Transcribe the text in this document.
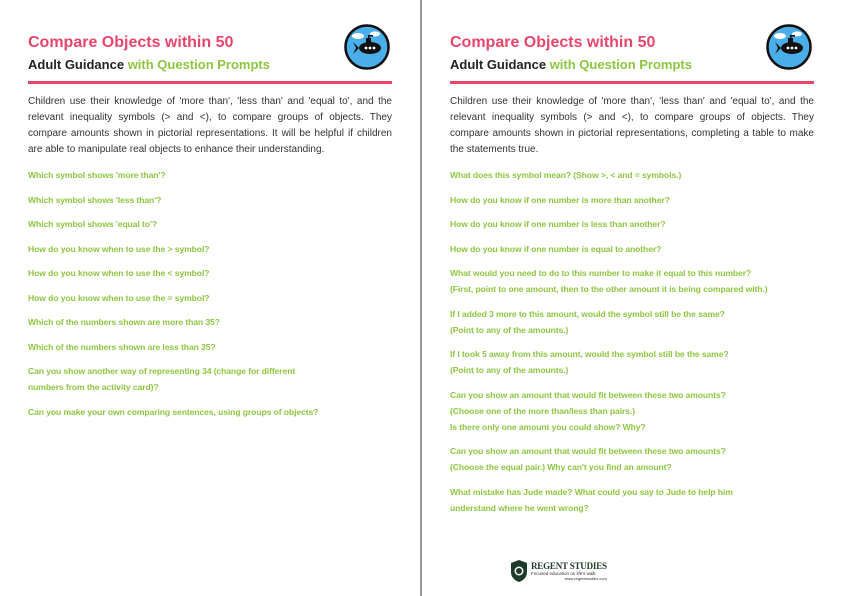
Compare Objects within 50
Adult Guidance with Question Prompts
Children use their knowledge of 'more than', 'less than' and 'equal to', and the relevant inequality symbols (> and <), to compare groups of objects. They compare amounts shown in pictorial representations. It will be helpful if children are able to manipulate real objects to enhance their understanding.
Which symbol shows 'more than'?
Which symbol shows 'less than'?
Which symbol shows 'equal to'?
How do you know when to use the > symbol?
How do you know when to use the < symbol?
How do you know when to use the = symbol?
Which of the numbers shown are more than 35?
Which of the numbers shown are less than 35?
Can you show another way of representing 34 (change for different
numbers from the activity card)?
Can you make your own comparing sentences, using groups of objects?
Compare Objects within 50
Adult Guidance with Question Prompts
Children use their knowledge of 'more than', 'less than' and 'equal to', and the relevant inequality symbols (> and <), to compare groups of objects. They compare amounts shown in pictorial representations, completing a table to make the statements true.
What does this symbol mean? (Show >, < and = symbols.)
How do you know if one number is more than another?
How do you know if one number is less than another?
How do you know if one number is equal to another?
What would you need to do to this number to make it equal to this number?
(First, point to one amount, then to the other amount it is being compared with.)
If I added 3 more to this amount, would the symbol still be the same?
(Point to any of the amounts.)
If I took 5 away from this amount, would the symbol still be the same?
(Point to any of the amounts.)
Can you show an amount that would fit between these two amounts?
(Choose one of the more than/less than pairs.)
Is there only one amount you could show? Why?
Can you show an amount that would fit between these two amounts?
(Choose the equal pair.) Why can't you find an amount?
What mistake has Jude made? What could you say to Jude to help him
understand where he went wrong?
REGENT STUDIES
Focused education on life's walk
www.regentstudies.com
